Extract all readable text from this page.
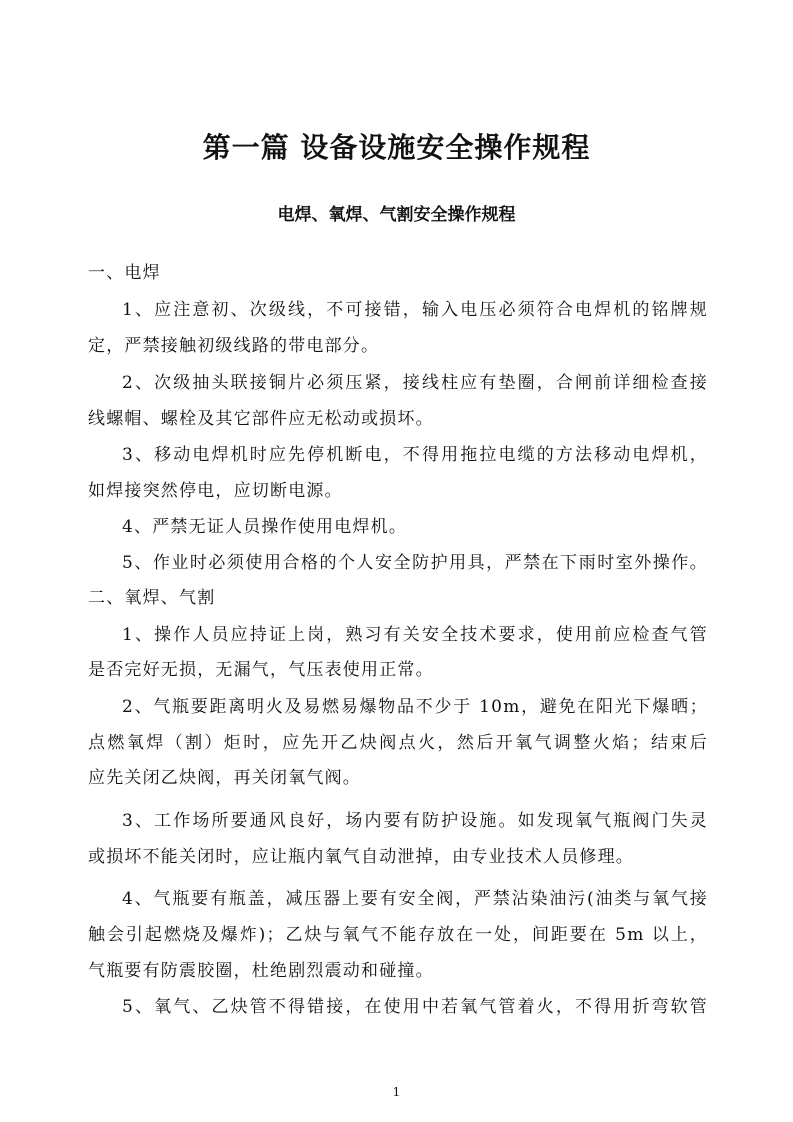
第一篇 设备设施安全操作规程
电焊、氧焊、气割安全操作规程
一、电焊
1、应注意初、次级线，不可接错，输入电压必须符合电焊机的铭牌规
定，严禁接触初级线路的带电部分。
2、次级抽头联接铜片必须压紧，接线柱应有垫圈，合闸前详细检查接
线螺帽、螺栓及其它部件应无松动或损坏。
3、移动电焊机时应先停机断电，不得用拖拉电缆的方法移动电焊机，
如焊接突然停电，应切断电源。
4、严禁无证人员操作使用电焊机。
5、作业时必须使用合格的个人安全防护用具，严禁在下雨时室外操作。
二、氧焊、气割
1、操作人员应持证上岗，熟习有关安全技术要求，使用前应检查气管
是否完好无损，无漏气，气压表使用正常。
2、气瓶要距离明火及易燃易爆物品不少于 10m，避免在阳光下爆晒；
点燃氧焊（割）炬时，应先开乙炔阀点火，然后开氧气调整火焰；结束后
应先关闭乙炔阀，再关闭氧气阀。
3、工作场所要通风良好，场内要有防护设施。如发现氧气瓶阀门失灵
或损坏不能关闭时，应让瓶内氧气自动泄掉，由专业技术人员修理。
4、气瓶要有瓶盖，减压器上要有安全阀，严禁沾染油污(油类与氧气接
触会引起燃烧及爆炸)；乙炔与氧气不能存放在一处，间距要在 5m 以上，
气瓶要有防震胶圈，杜绝剧烈震动和碰撞。
5、氧气、乙炔管不得错接，在使用中若氧气管着火，不得用折弯软管
1
